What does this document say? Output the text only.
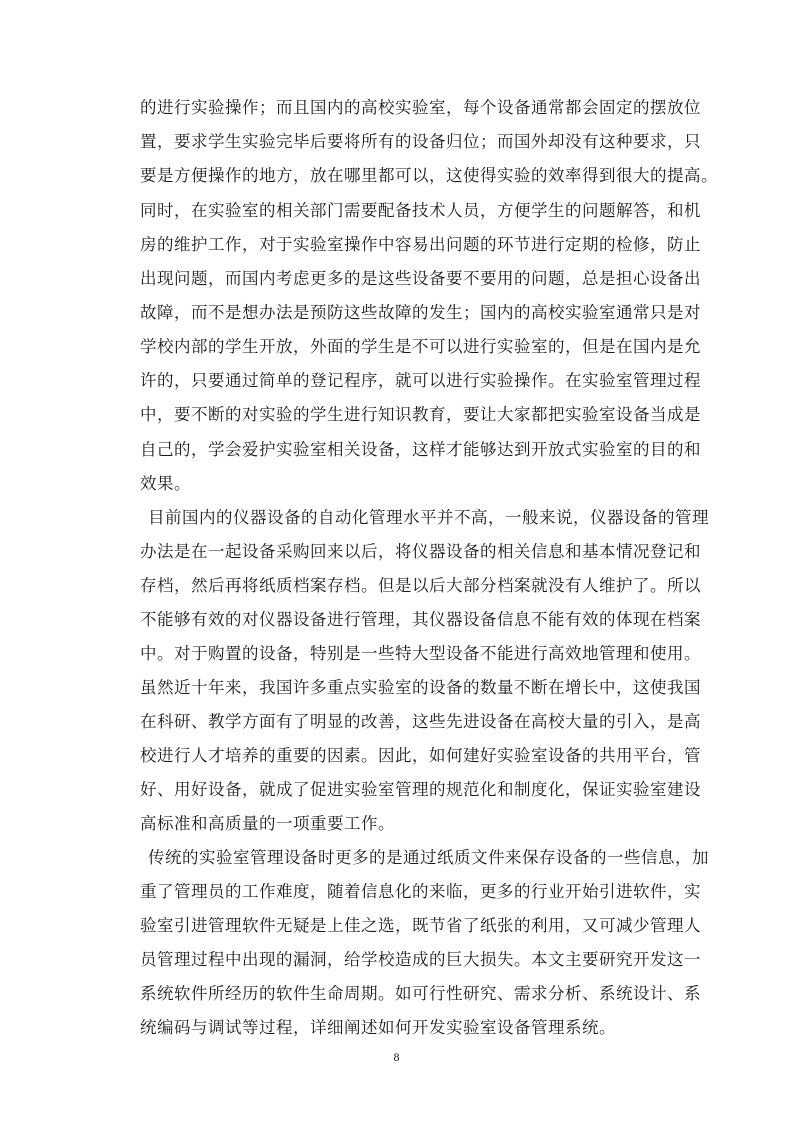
的进行实验操作；而且国内的高校实验室，每个设备通常都会固定的摆放位
置，要求学生实验完毕后要将所有的设备归位；而国外却没有这种要求，只
要是方便操作的地方，放在哪里都可以，这使得实验的效率得到很大的提高。
同时，在实验室的相关部门需要配备技术人员，方便学生的问题解答，和机
房的维护工作，对于实验室操作中容易出问题的环节进行定期的检修，防止
出现问题，而国内考虑更多的是这些设备要不要用的问题，总是担心设备出
故障，而不是想办法是预防这些故障的发生；国内的高校实验室通常只是对
学校内部的学生开放，外面的学生是不可以进行实验室的，但是在国内是允
许的，只要通过简单的登记程序，就可以进行实验操作。在实验室管理过程
中，要不断的对实验的学生进行知识教育，要让大家都把实验室设备当成是
自己的，学会爱护实验室相关设备，这样才能够达到开放式实验室的目的和
效果。
目前国内的仪器设备的自动化管理水平并不高，一般来说，仪器设备的管理
办法是在一起设备采购回来以后，将仪器设备的相关信息和基本情况登记和
存档，然后再将纸质档案存档。但是以后大部分档案就没有人维护了。所以
不能够有效的对仪器设备进行管理，其仪器设备信息不能有效的体现在档案
中。对于购置的设备，特别是一些特大型设备不能进行高效地管理和使用。
虽然近十年来，我国许多重点实验室的设备的数量不断在增长中，这使我国
在科研、教学方面有了明显的改善，这些先进设备在高校大量的引入，是高
校进行人才培养的重要的因素。因此，如何建好实验室设备的共用平台，管
好、用好设备，就成了促进实验室管理的规范化和制度化，保证实验室建设
高标准和高质量的一项重要工作。
传统的实验室管理设备时更多的是通过纸质文件来保存设备的一些信息，加
重了管理员的工作难度，随着信息化的来临，更多的行业开始引进软件，实
验室引进管理软件无疑是上佳之选，既节省了纸张的利用，又可减少管理人
员管理过程中出现的漏洞，给学校造成的巨大损失。本文主要研究开发这一
系统软件所经历的软件生命周期。如可行性研究、需求分析、系统设计、系
统编码与调试等过程，详细阐述如何开发实验室设备管理系统。
8
